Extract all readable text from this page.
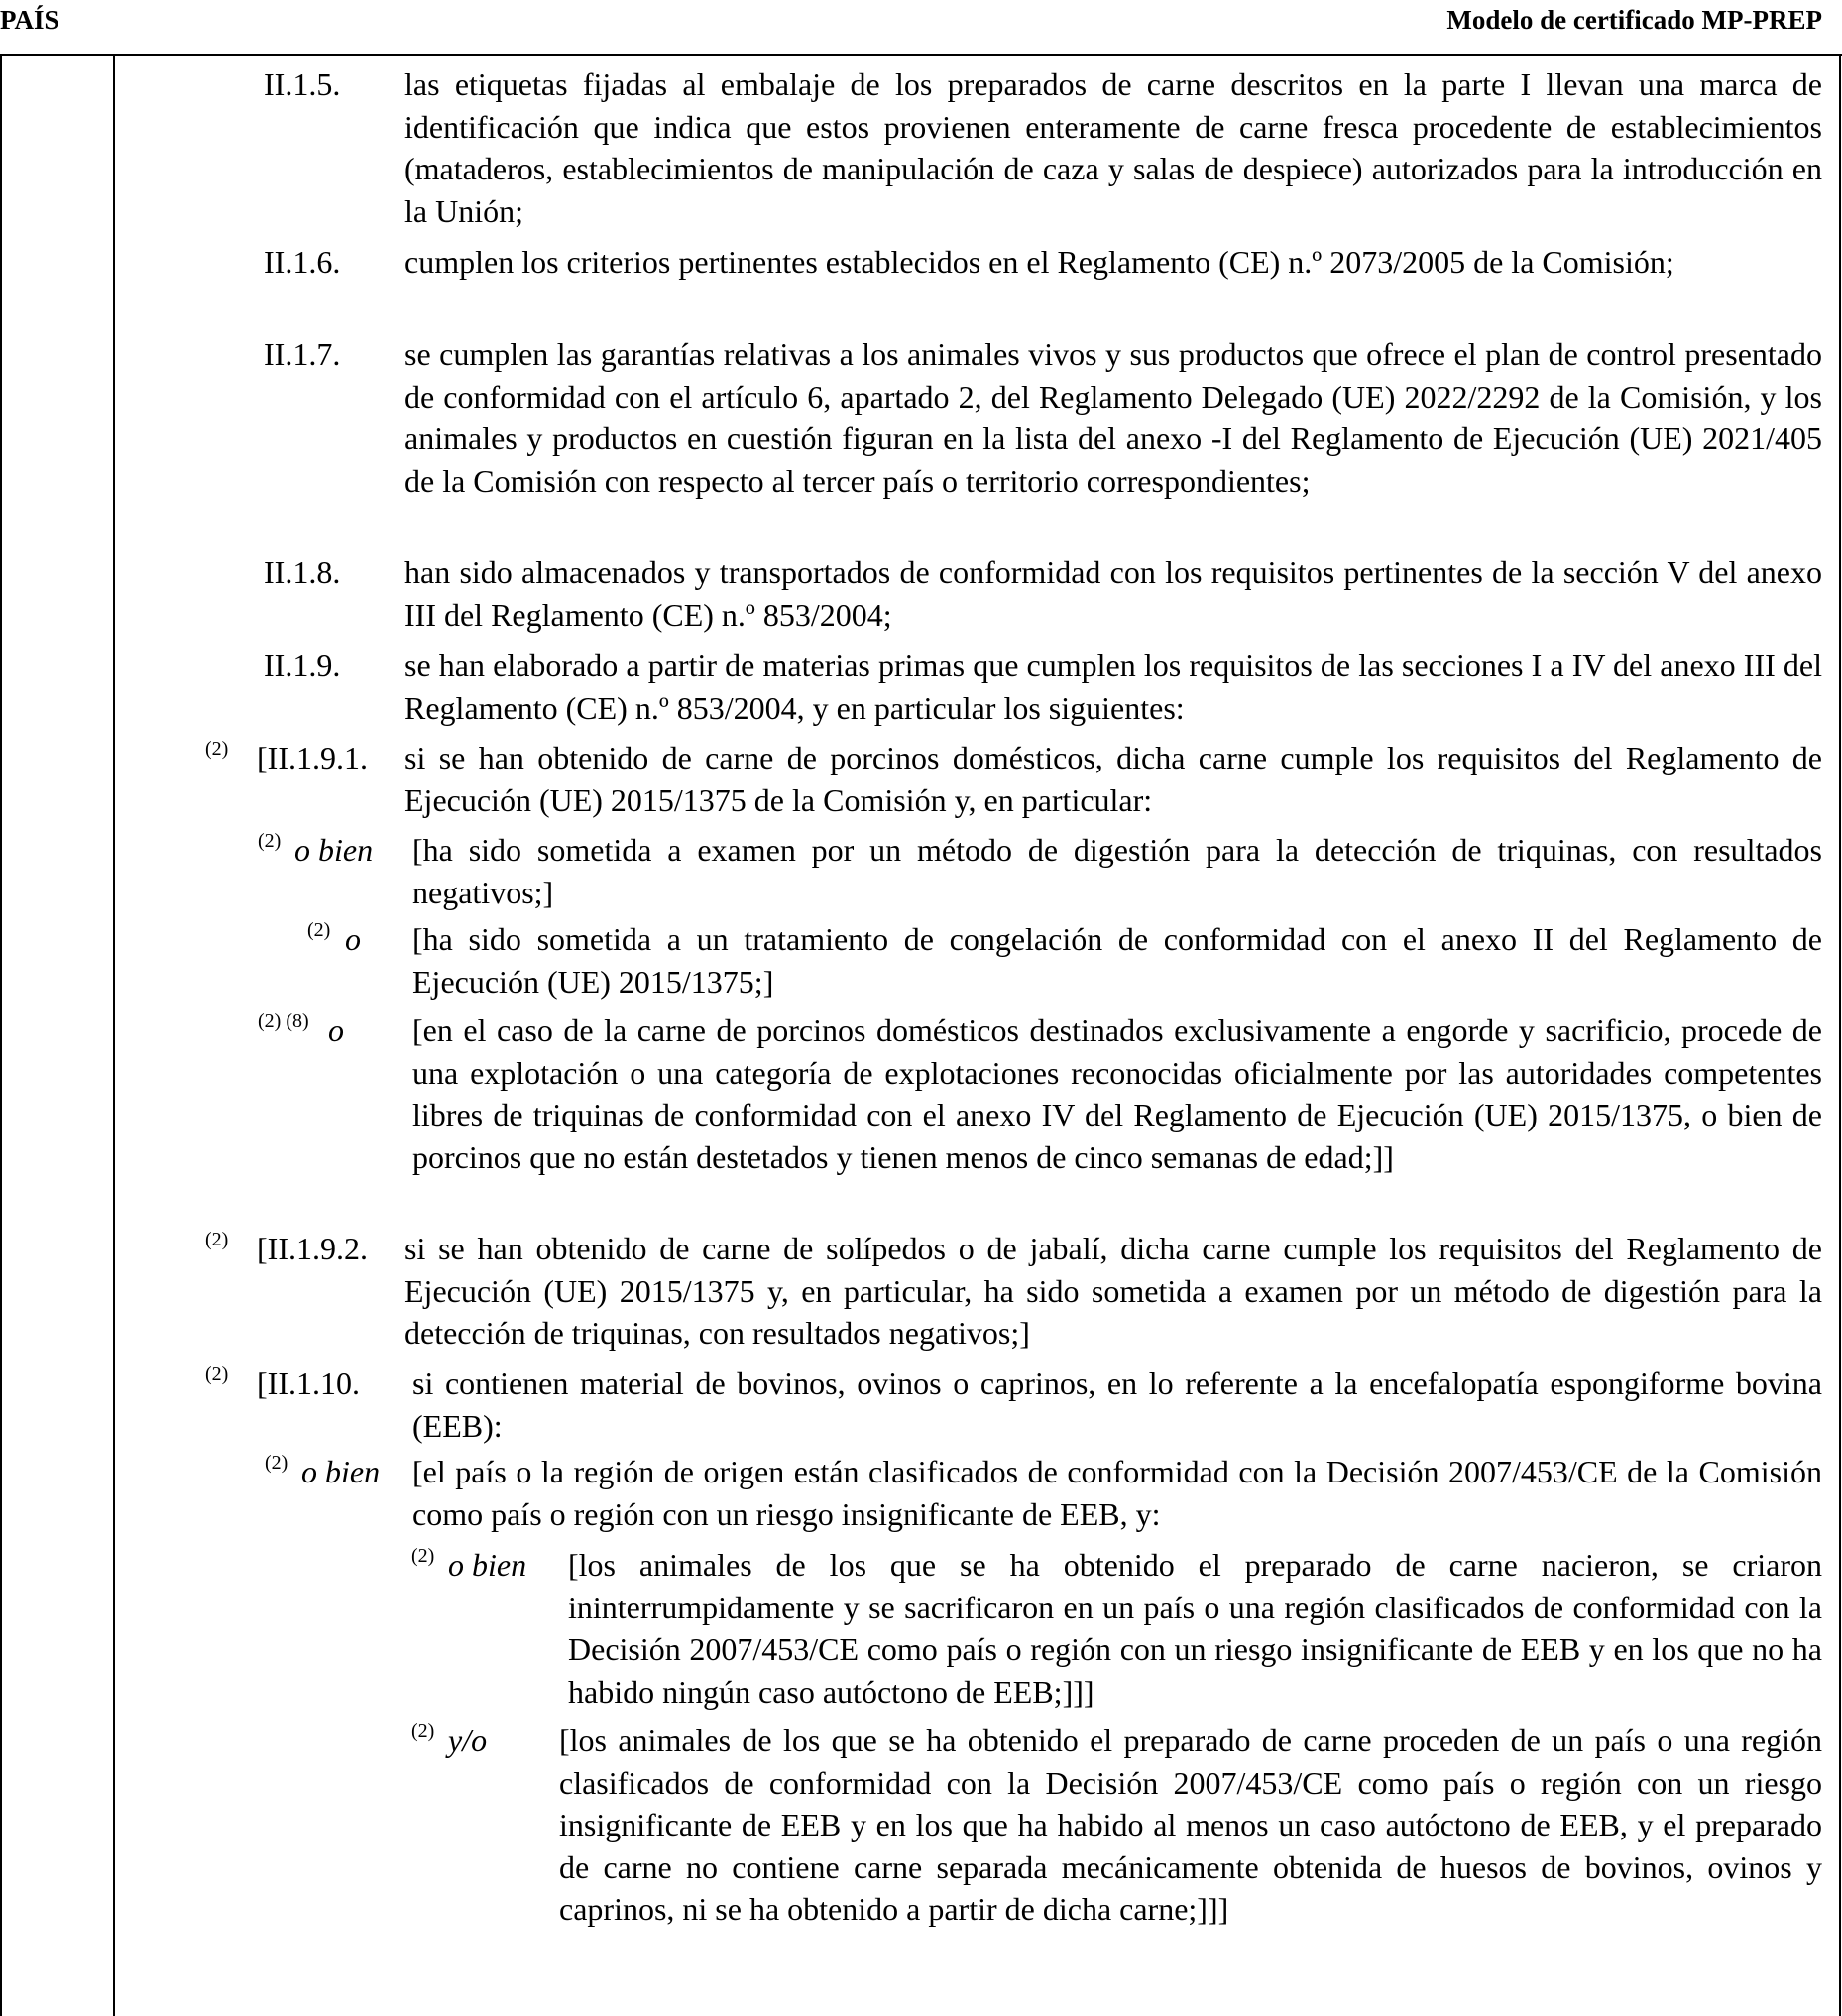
PAÍS	Modelo de certificado MP-PREP
II.1.5. las etiquetas fijadas al embalaje de los preparados de carne descritos en la parte I llevan una marca de identificación que indica que estos provienen enteramente de carne fresca procedente de establecimientos (mataderos, establecimientos de manipulación de caza y salas de despiece) autorizados para la introducción en la Unión;
II.1.6. cumplen los criterios pertinentes establecidos en el Reglamento (CE) n.º 2073/2005 de la Comisión;
II.1.7. se cumplen las garantías relativas a los animales vivos y sus productos que ofrece el plan de control presentado de conformidad con el artículo 6, apartado 2, del Reglamento Delegado (UE) 2022/2292 de la Comisión, y los animales y productos en cuestión figuran en la lista del anexo -I del Reglamento de Ejecución (UE) 2021/405 de la Comisión con respecto al tercer país o territorio correspondientes;
II.1.8. han sido almacenados y transportados de conformidad con los requisitos pertinentes de la sección V del anexo III del Reglamento (CE) n.º 853/2004;
II.1.9. se han elaborado a partir de materias primas que cumplen los requisitos de las secciones I a IV del anexo III del Reglamento (CE) n.º 853/2004, y en particular los siguientes:
(2) [II.1.9.1. si se han obtenido de carne de porcinos domésticos, dicha carne cumple los requisitos del Reglamento de Ejecución (UE) 2015/1375 de la Comisión y, en particular:
(2) o bien [ha sido sometida a examen por un método de digestión para la detección de triquinas, con resultados negativos;]
(2) o [ha sido sometida a un tratamiento de congelación de conformidad con el anexo II del Reglamento de Ejecución (UE) 2015/1375;]
(2) (8) o [en el caso de la carne de porcinos domésticos destinados exclusivamente a engorde y sacrificio, procede de una explotación o una categoría de explotaciones reconocidas oficialmente por las autoridades competentes libres de triquinas de conformidad con el anexo IV del Reglamento de Ejecución (UE) 2015/1375, o bien de porcinos que no están destetados y tienen menos de cinco semanas de edad;]]
(2) [II.1.9.2. si se han obtenido de carne de solípedos o de jabalí, dicha carne cumple los requisitos del Reglamento de Ejecución (UE) 2015/1375 y, en particular, ha sido sometida a examen por un método de digestión para la detección de triquinas, con resultados negativos;]
(2) [II.1.10. si contienen material de bovinos, ovinos o caprinos, en lo referente a la encefalopatía espongiforme bovina (EEB):
(2) o bien [el país o la región de origen están clasificados de conformidad con la Decisión 2007/453/CE de la Comisión como país o región con un riesgo insignificante de EEB, y:
(2) o bien [los animales de los que se ha obtenido el preparado de carne nacieron, se criaron ininterrumpidamente y se sacrificaron en un país o una región clasificados de conformidad con la Decisión 2007/453/CE como país o región con un riesgo insignificante de EEB y en los que no ha habido ningún caso autóctono de EEB;]]]
(2) y/o [los animales de los que se ha obtenido el preparado de carne proceden de un país o una región clasificados de conformidad con la Decisión 2007/453/CE como país o región con un riesgo insignificante de EEB y en los que ha habido al menos un caso autóctono de EEB, y el preparado de carne no contiene carne separada mecánicamente obtenida de huesos de bovinos, ovinos y caprinos, ni se ha obtenido a partir de dicha carne;]]]
